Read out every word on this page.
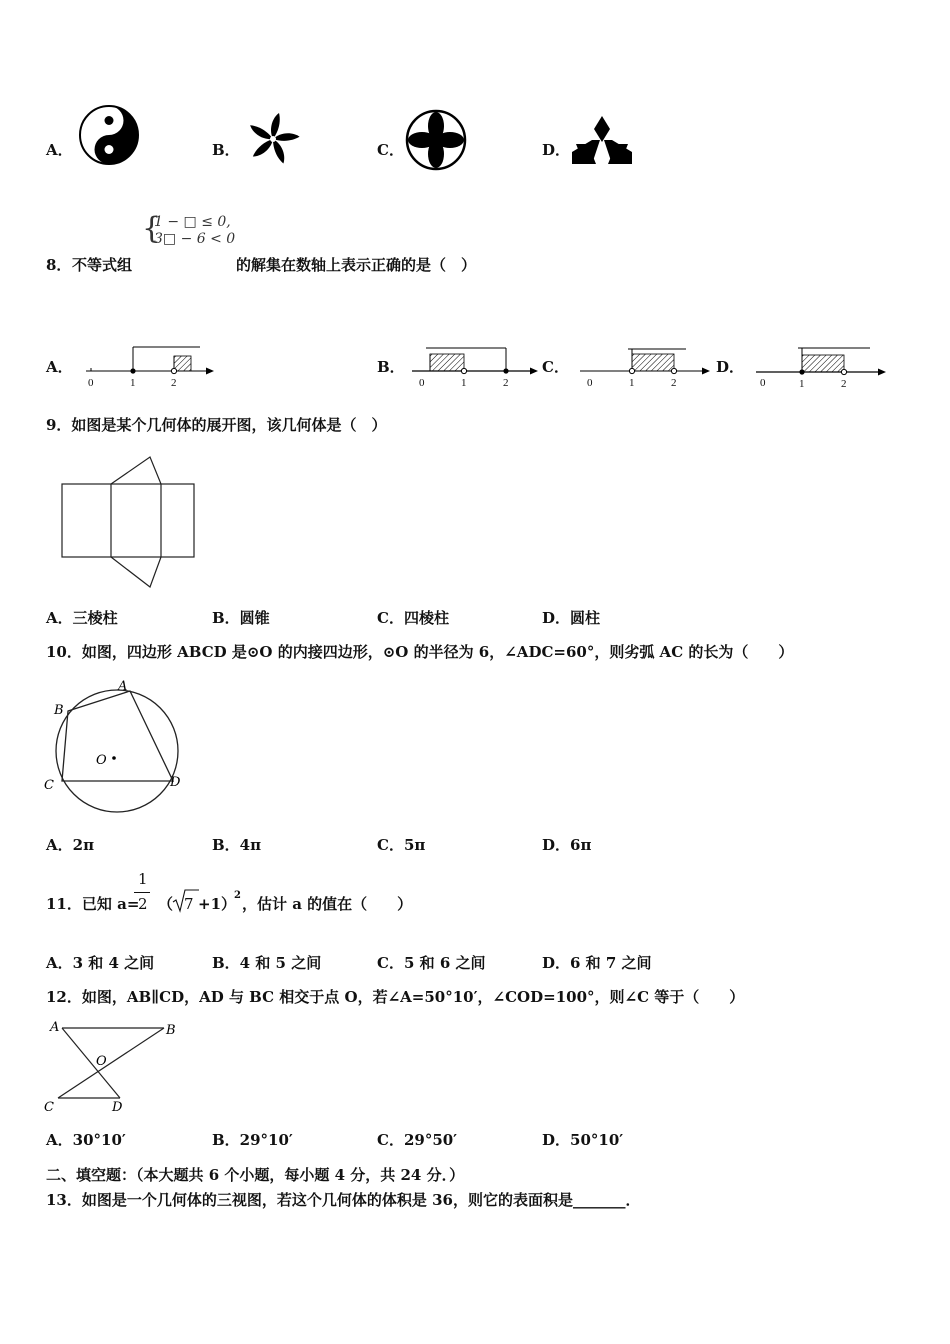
A．	B．	C．	D．
{
1 − □ ≤ 0,
3□ − 6 < 0
8． 不等式组	的解集在数轴上表示正确的是（　）
A．
0	1	2
B．
0	1	2
C．
0	1	2
D．
0	1	2
9．如图是某个几何体的展开图，该几何体是（　）
A．三棱柱	B．圆锥	C．四棱柱	D．圆柱
10．如图，四边形 ABCD 是⊙O 的内接四边形，⊙O 的半径为 6，∠ADC=60°，则劣弧 AC 的长为（　　）
A
B
C	D
O
A．2π	B．4π	C．5π	D．6π
11．已知 a=
1
2 （ 7 +1）
2 ，估计 a 的值在（　　）
A．3 和 4 之间	B．4 和 5 之间	C．5 和 6 之间	D．6 和 7 之间
12．如图，AB∥CD，AD 与 BC 相交于点 O，若∠A=50°10′，∠COD=100°，则∠C 等于（　　）
A	B
C	D
O
A．30°10′	B．29°10′	C．29°50′	D．50°10′
二、填空题：（本大题共 6 个小题，每小题 4 分，共 24 分．）
13．如图是一个几何体的三视图，若这个几何体的体积是 36，则它的表面积是_______．
